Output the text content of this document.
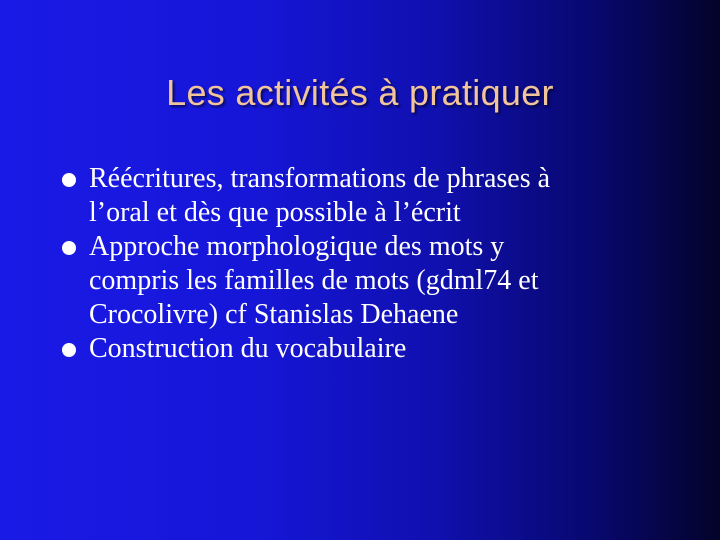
Les activités à pratiquer
Réécritures, transformations de phrases à
l’oral et dès que possible à l’écrit
Approche morphologique des mots y
compris les familles de mots (gdml74 et
Crocolivre) cf Stanislas Dehaene
Construction du vocabulaire
